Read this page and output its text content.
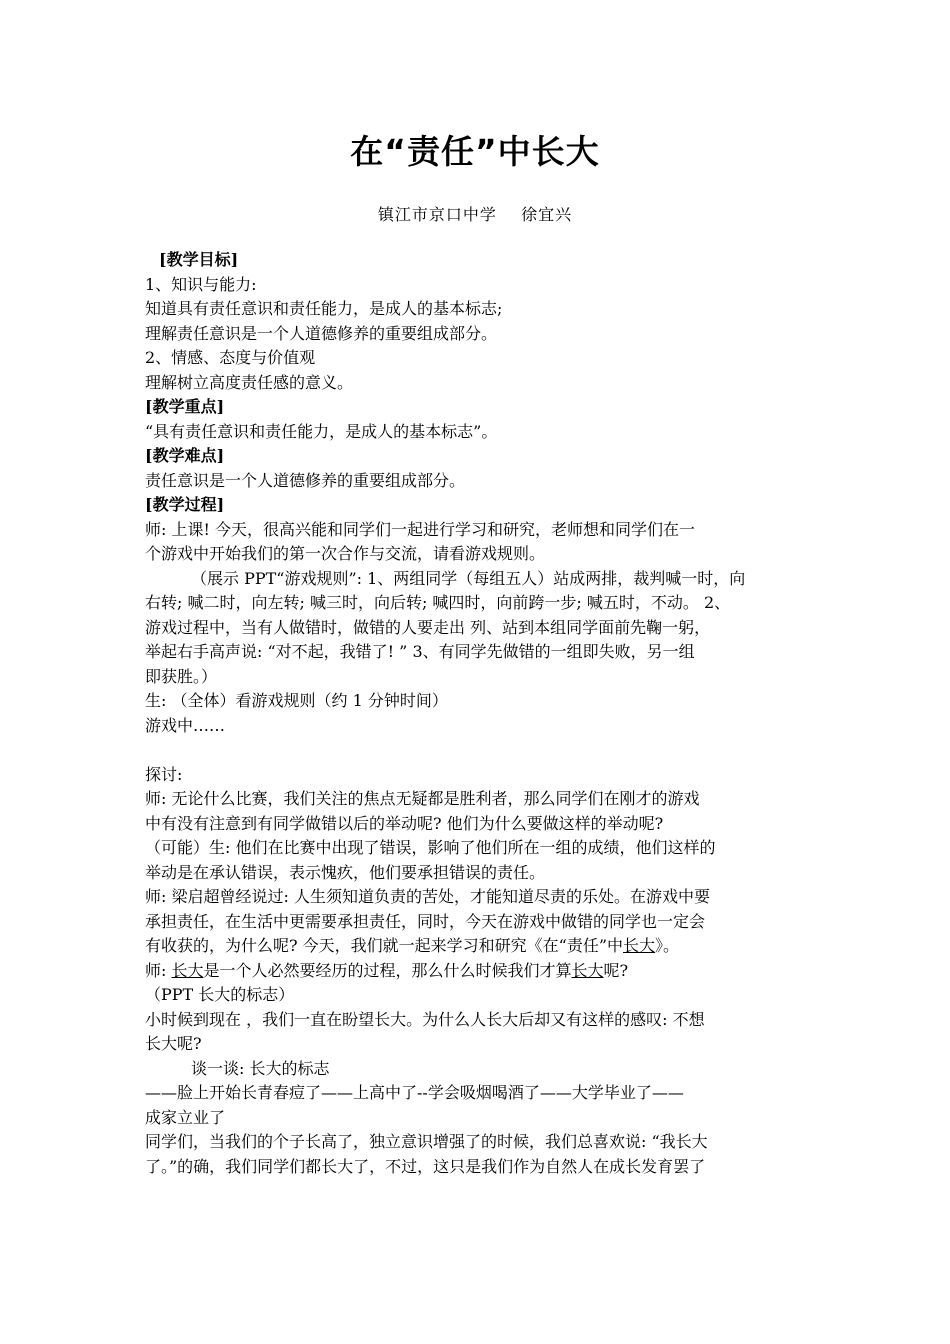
在“责任”中长大
镇江市京口中学    徐宜兴
[教学目标]
1、知识与能力:
知道具有责任意识和责任能力，是成人的基本标志;
理解责任意识是一个人道德修养的重要组成部分。
2、情感、态度与价值观
理解树立高度责任感的意义。
[教学重点]
“具有责任意识和责任能力，是成人的基本标志”。
[教学难点]
责任意识是一个人道德修养的重要组成部分。
[教学过程]
师: 上课! 今天，很高兴能和同学们一起进行学习和研究，老师想和同学们在一
个游戏中开始我们的第一次合作与交流，请看游戏规则。
（展示 PPT“游戏规则”: 1、两组同学（每组五人）站成两排，裁判喊一时，向
右转; 喊二时，向左转; 喊三时，向后转; 喊四时，向前跨一步; 喊五时，不动。 2、
游戏过程中，当有人做错时，做错的人要走出 列、站到本组同学面前先鞠一躬，
举起右手高声说: “对不起，我错了! ” 3、有同学先做错的一组即失败，另一组
即获胜。）
生: （全体）看游戏规则（约 1 分钟时间）
游戏中……
探讨:
师: 无论什么比赛，我们关注的焦点无疑都是胜利者，那么同学们在刚才的游戏
中有没有注意到有同学做错以后的举动呢? 他们为什么要做这样的举动呢?
（可能）生: 他们在比赛中出现了错误，影响了他们所在一组的成绩，他们这样的
举动是在承认错误，表示愧疚，他们要承担错误的责任。
师: 梁启超曾经说过: 人生须知道负责的苦处，才能知道尽责的乐处。在游戏中要
承担责任，在生活中更需要承担责任，同时，今天在游戏中做错的同学也一定会
有收获的，为什么呢? 今天，我们就一起来学习和研究《在“责任”中长大》。
师: 长大是一个人必然要经历的过程，那么什么时候我们才算长大呢?
（PPT 长大的标志）
小时候到现在 ，我们一直在盼望长大。为什么人长大后却又有这样的感叹: 不想
长大呢?
谈一谈: 长大的标志
——脸上开始长青春痘了——上高中了--学会吸烟喝酒了——大学毕业了——
成家立业了
同学们，当我们的个子长高了，独立意识增强了的时候，我们总喜欢说: “我长大
了。”的确，我们同学们都长大了，不过，这只是我们作为自然人在成长发育罢了
